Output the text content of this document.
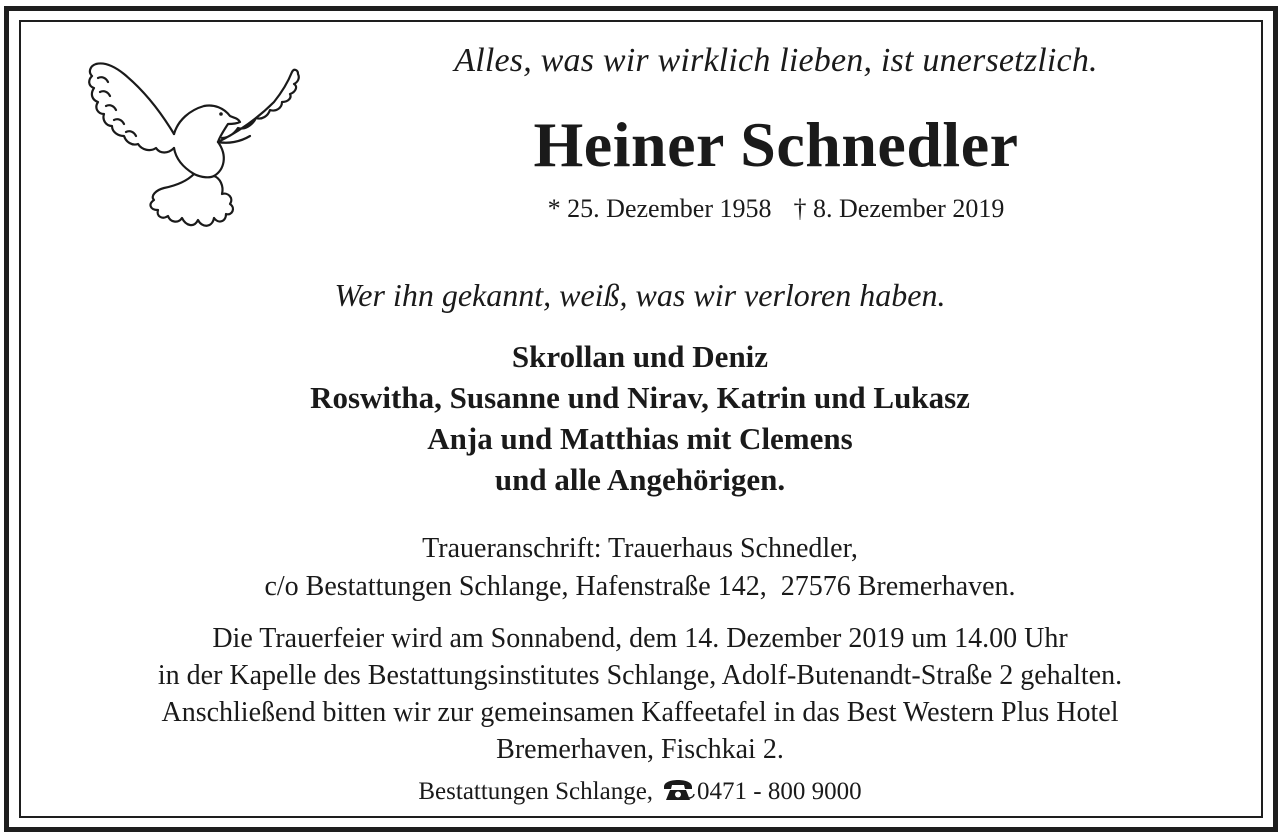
Alles, was wir wirklich lieben, ist unersetzlich.
Heiner Schnedler
* 25. Dezember 1958 † 8. Dezember 2019
Wer ihn gekannt, weiß, was wir verloren haben.
Skrollan und Deniz
Roswitha, Susanne und Nirav, Katrin und Lukasz
Anja und Matthias mit Clemens
und alle Angehörigen.
Traueranschrift: Trauerhaus Schnedler,
c/o Bestattungen Schlange, Hafenstraße 142,  27576 Bremerhaven.
Die Trauerfeier wird am Sonnabend, dem 14. Dezember 2019 um 14.00 Uhr
in der Kapelle des Bestattungsinstitutes Schlange, Adolf-Butenandt-Straße 2 gehalten.
Anschließend bitten wir zur gemeinsamen Kaffeetafel in das Best Western Plus Hotel
Bremerhaven, Fischkai 2.
Bestattungen Schlange, 0471 - 800 9000
